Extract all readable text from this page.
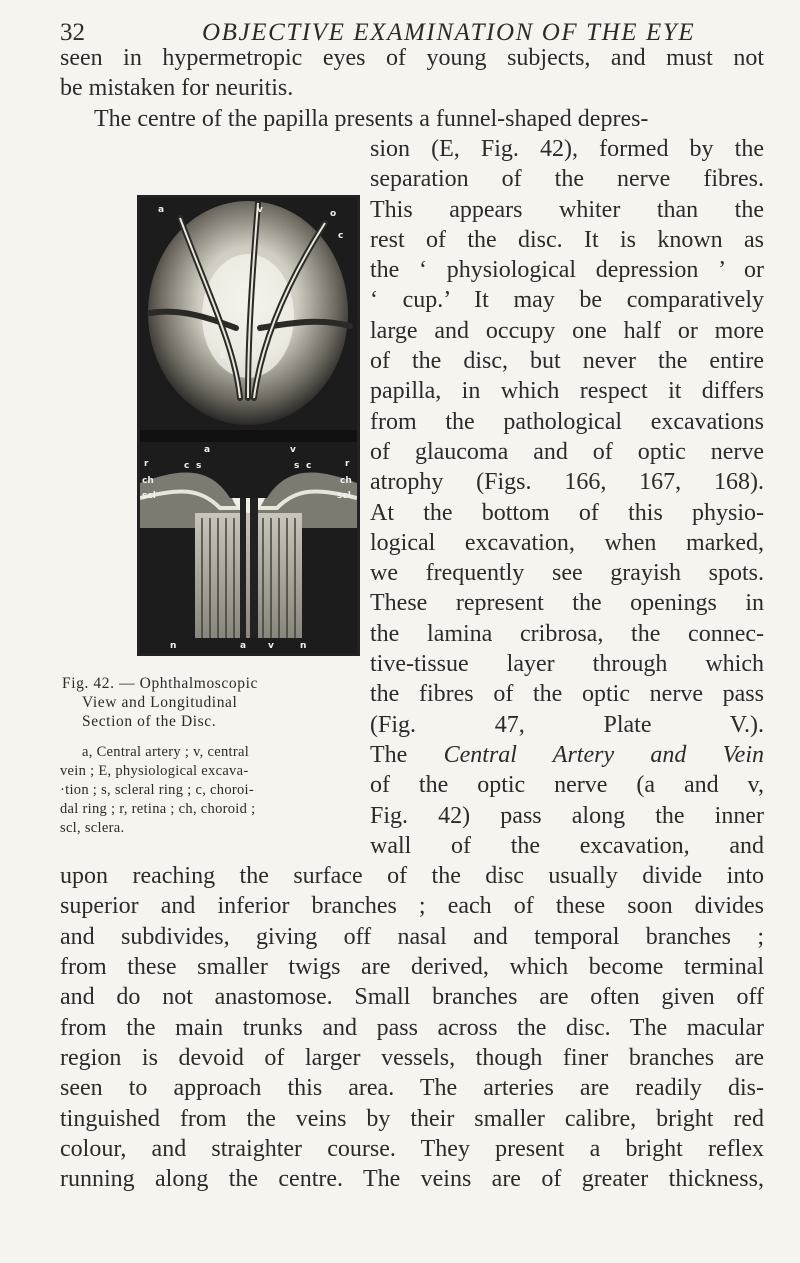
32	OBJECTIVE EXAMINATION OF THE EYE

seen in hypermetropic eyes of young subjects, and must not

be mistaken for neuritis.

The centre of the papilla presents a funnel-shaped depres-

sion (E, Fig. 42), formed by the

separation of the nerve fibres.

This appears whiter than the

rest of the disc. It is known as

the ‘ physiological depression ’ or

‘ cup.’ It may be comparatively

large and occupy one half or more

of the disc, but never the entire

papilla, in which respect it differs

from the pathological excavations

of glaucoma and of optic nerve

atrophy (Figs. 166, 167, 168).

At the bottom of this physio-

logical excavation, when marked,

we frequently see grayish spots.

These represent the openings in

the lamina cribrosa, the connec-

tive-tissue layer through which

the fibres of the optic nerve pass

(Fig. 47, Plate V.).

of the optic nerve (a and v,

Fig. 42) pass along the inner

wall of the excavation, and

upon reaching the surface of the disc usually divide into

superior and inferior branches ; each of these soon divides

and subdivides, giving off nasal and temporal branches ;

from these smaller twigs are derived, which become terminal

and do not anastomose. Small branches are often given off

from the main trunks and pass across the disc. The macular

region is devoid of larger vessels, though finer branches are

seen to approach this area. The arteries are readily dis-

tinguished from the veins by their smaller calibre, bright red

colour, and straighter course. They present a bright reflex

running along the centre. The veins are of greater thickness,

The Central Artery and Vein

a	v	o
c
E
a	v
c s	s c
r
ch
scl
r
ch
scl
n	a v	n

Fig. 42. — Ophthalmoscopic

View and Longitudinal

Section of the Disc.

a, Central artery ; v, central

vein ; E, physiological excava-

·tion ; s, scleral ring ; c, choroi-

dal ring ; r, retina ; ch, choroid ;

scl, sclera.
